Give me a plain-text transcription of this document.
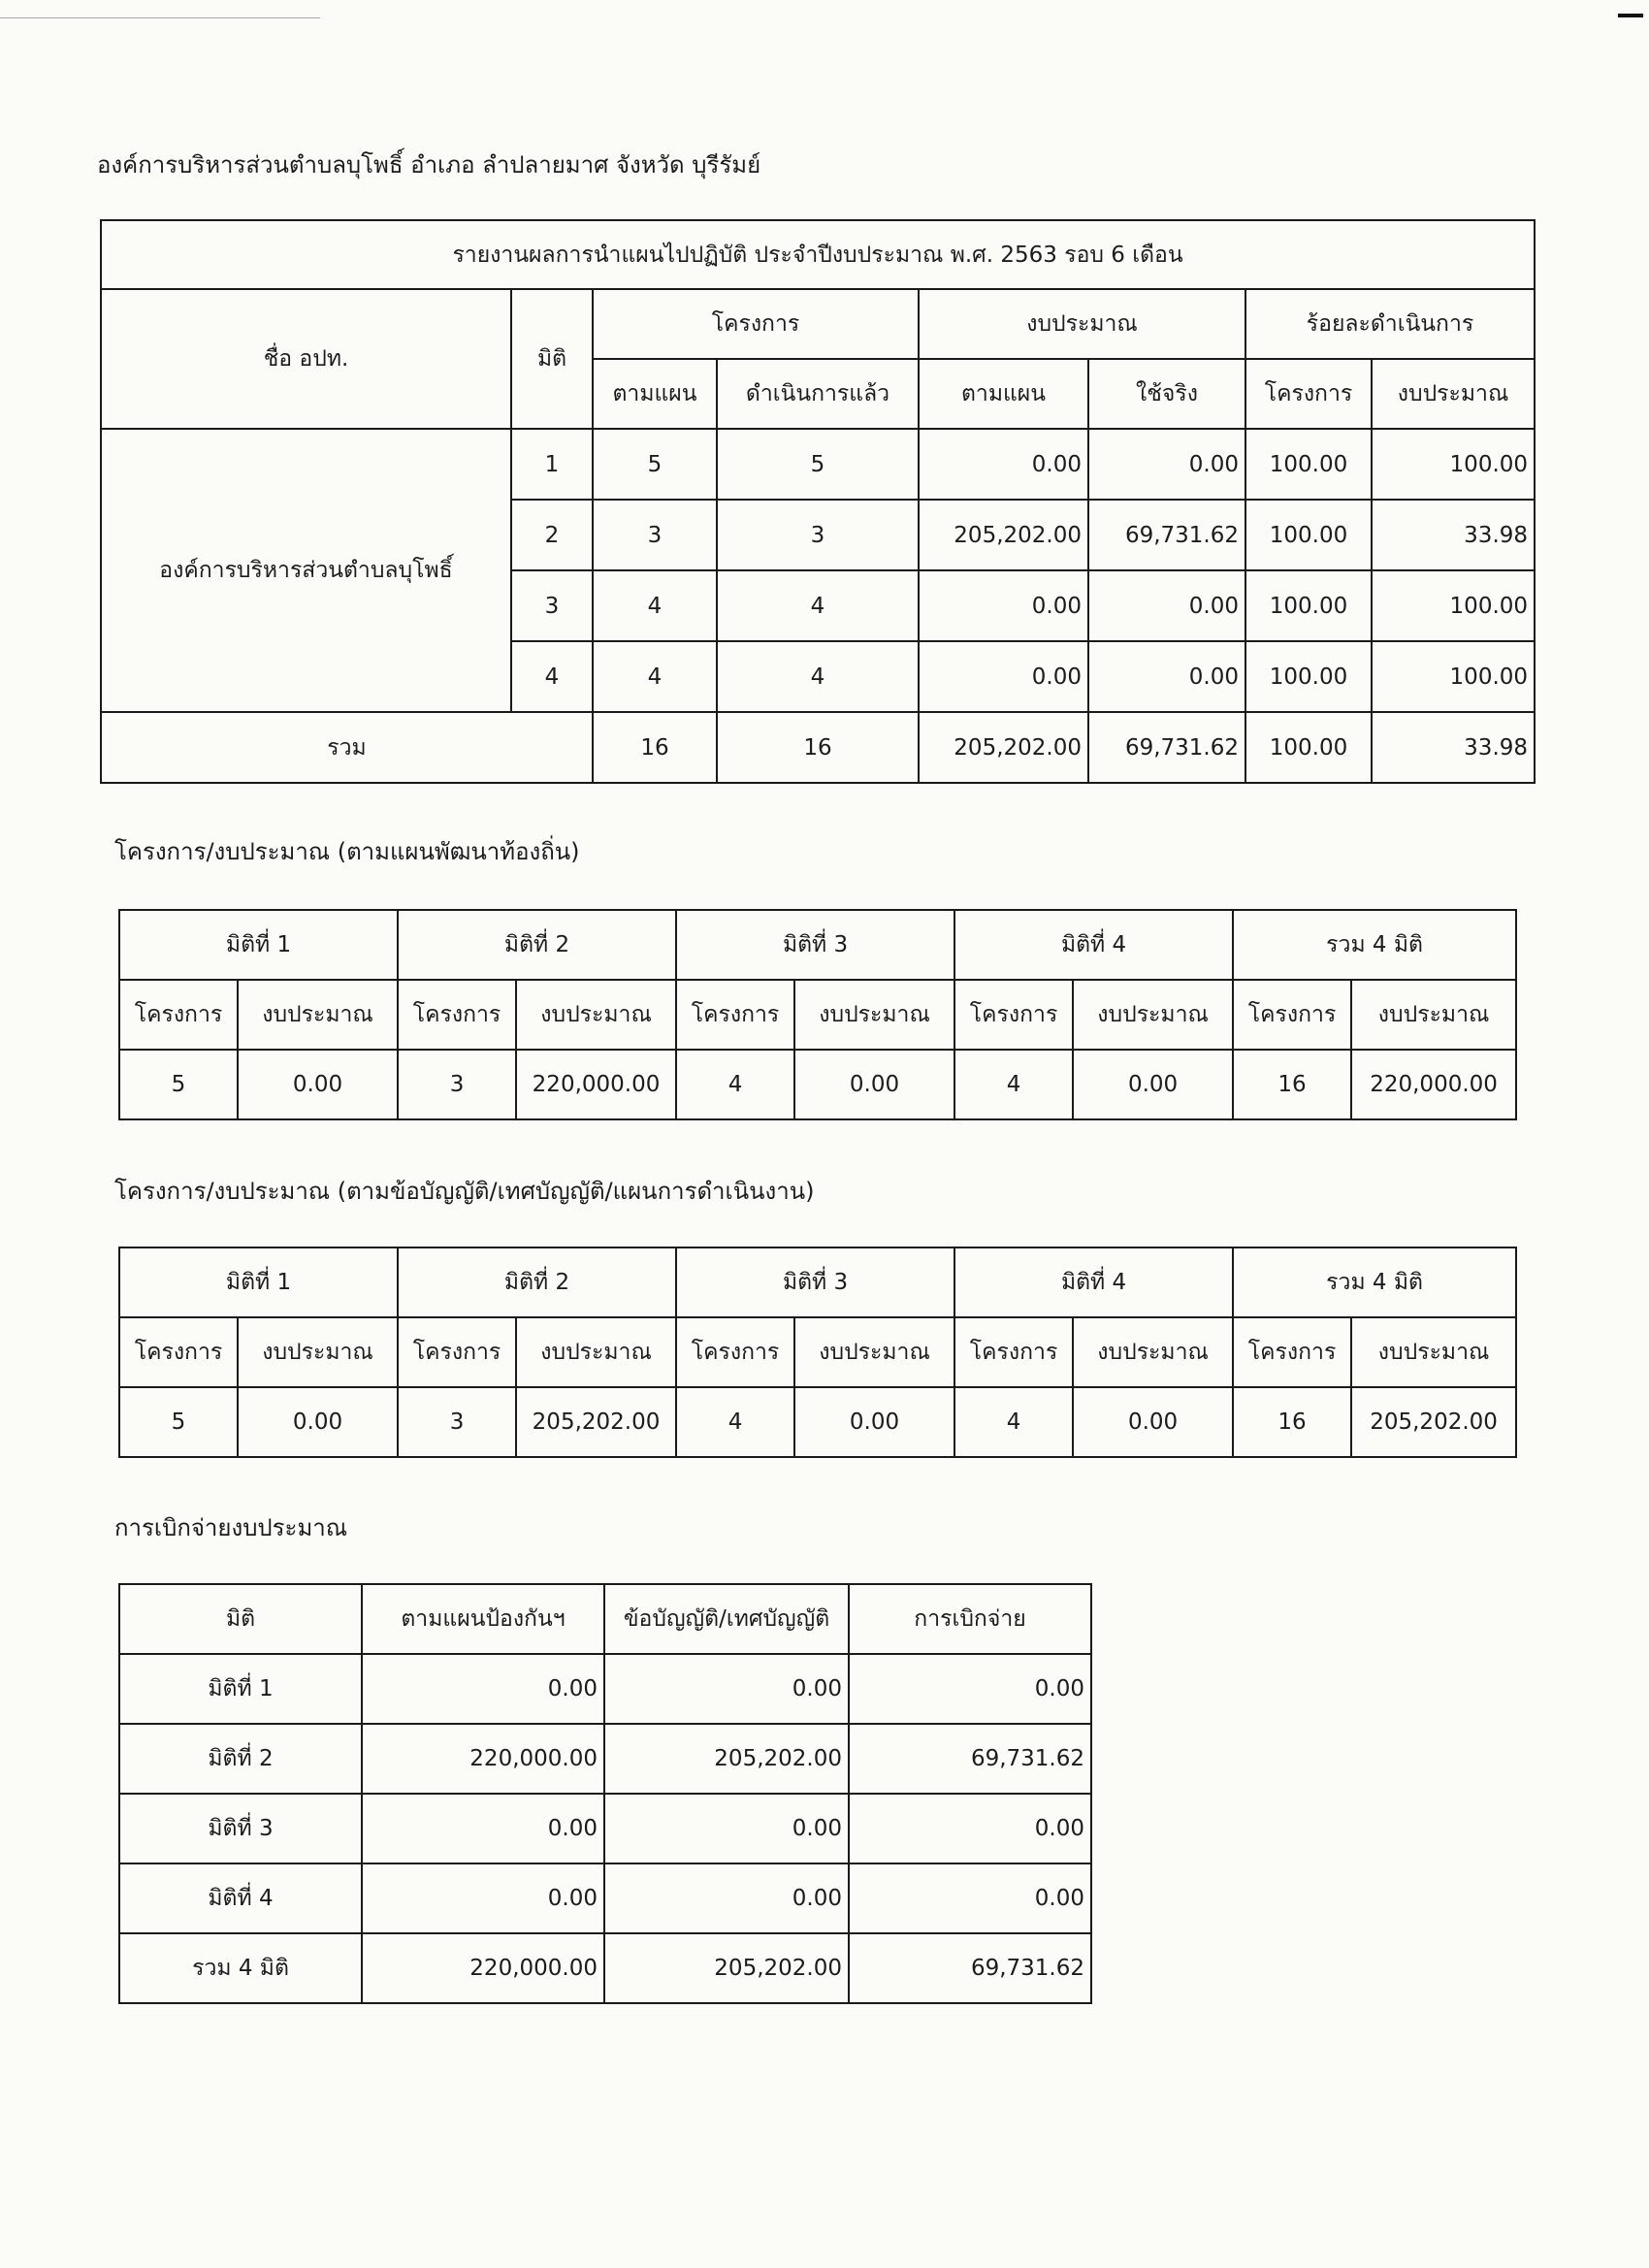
องค์การบริหารส่วนตำบลบุโพธิ์ อำเภอ ลำปลายมาศ จังหวัด บุรีรัมย์
รายงานผลการนำแผนไปปฏิบัติ ประจำปีงบประมาณ พ.ศ. 2563 รอบ 6 เดือน							
ชื่อ อปท.	มิติ	โครงการ		งบประมาณ		ร้อยละดำเนินการ	
		ตามแผน	ดำเนินการแล้ว	ตามแผน	ใช้จริง	โครงการ	งบประมาณ
องค์การบริหารส่วนตำบลบุโพธิ์	1	5	5	0.00	0.00	100.00	100.00
	2	3	3	205,202.00	69,731.62	100.00	33.98
	3	4	4	0.00	0.00	100.00	100.00
	4	4	4	0.00	0.00	100.00	100.00
รวม		16	16	205,202.00	69,731.62	100.00	33.98
โครงการ/งบประมาณ (ตามแผนพัฒนาท้องถิ่น)
มิติที่ 1		มิติที่ 2		มิติที่ 3		มิติที่ 4		รวม 4 มิติ	
โครงการ	งบประมาณ	โครงการ	งบประมาณ	โครงการ	งบประมาณ	โครงการ	งบประมาณ	โครงการ	งบประมาณ
5	0.00	3	220,000.00	4	0.00	4	0.00	16	220,000.00
โครงการ/งบประมาณ (ตามข้อบัญญัติ/เทศบัญญัติ/แผนการดำเนินงาน)
มิติที่ 1		มิติที่ 2		มิติที่ 3		มิติที่ 4		รวม 4 มิติ	
โครงการ	งบประมาณ	โครงการ	งบประมาณ	โครงการ	งบประมาณ	โครงการ	งบประมาณ	โครงการ	งบประมาณ
5	0.00	3	205,202.00	4	0.00	4	0.00	16	205,202.00
การเบิกจ่ายงบประมาณ
มิติ	ตามแผนป้องกันฯ	ข้อบัญญัติ/เทศบัญญัติ	การเบิกจ่าย
มิติที่ 1	0.00	0.00	0.00
มิติที่ 2	220,000.00	205,202.00	69,731.62
มิติที่ 3	0.00	0.00	0.00
มิติที่ 4	0.00	0.00	0.00
รวม 4 มิติ	220,000.00	205,202.00	69,731.62
